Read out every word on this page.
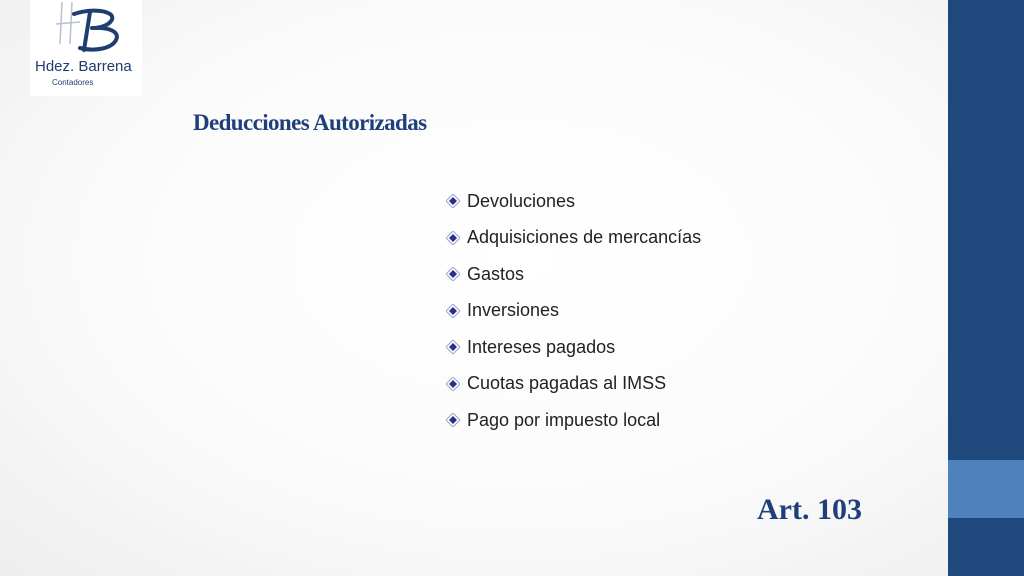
Hdez. Barrena
Contadores
Deducciones Autorizadas
Devoluciones
Adquisiciones de mercancías
Gastos
Inversiones
Intereses pagados
Cuotas pagadas al IMSS
Pago por impuesto local
Art. 103
